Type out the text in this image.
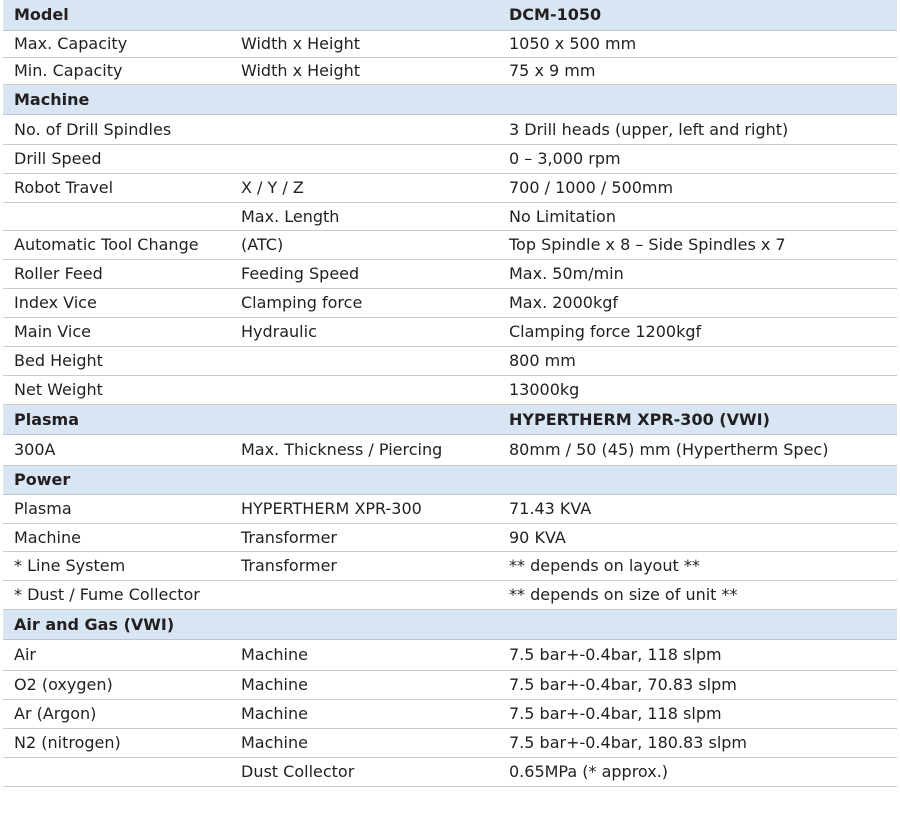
Model		DCM-1050
Max. Capacity	Width x Height	1050 x 500 mm
Min. Capacity	Width x Height	75 x 9 mm
Machine		
No. of Drill Spindles		3 Drill heads (upper, left and right)
Drill Speed		0 – 3,000 rpm
Robot Travel	X / Y / Z	700 / 1000 / 500mm
	Max. Length	No Limitation
Automatic Tool Change	(ATC)	Top Spindle x 8 – Side Spindles x 7
Roller Feed	Feeding Speed	Max. 50m/min
Index Vice	Clamping force	Max. 2000kgf
Main Vice	Hydraulic	Clamping force 1200kgf
Bed Height		800 mm
Net Weight		13000kg
Plasma		HYPERTHERM XPR-300 (VWI)
300A	Max. Thickness / Piercing	80mm / 50 (45) mm (Hypertherm Spec)
Power		
Plasma	HYPERTHERM XPR-300	71.43 KVA
Machine	Transformer	90 KVA
* Line System	Transformer	** depends on layout **
* Dust / Fume Collector		** depends on size of unit **
Air and Gas (VWI)		
Air	Machine	7.5 bar+-0.4bar, 118 slpm
O2 (oxygen)	Machine	7.5 bar+-0.4bar, 70.83 slpm
Ar (Argon)	Machine	7.5 bar+-0.4bar, 118 slpm
N2 (nitrogen)	Machine	7.5 bar+-0.4bar, 180.83 slpm
	Dust Collector	0.65MPa (* approx.)
